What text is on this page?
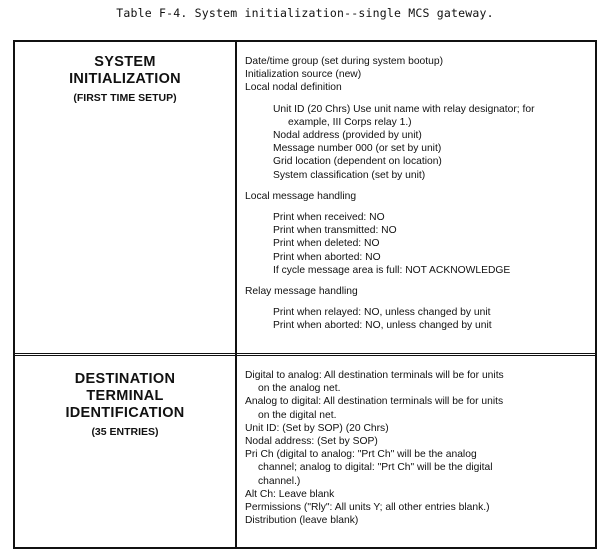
Table F-4. System initialization--single MCS gateway.
SYSTEM
INITIALIZATION
(FIRST TIME SETUP)
Date/time group (set during system bootup)
Initialization source (new)
Local nodal definition
Unit ID (20 Chrs) Use unit name with relay designator; for
example, III Corps relay 1.)
Nodal address (provided by unit)
Message number 000 (or set by unit)
Grid location (dependent on location)
System classification (set by unit)
Local message handling
Print when received: NO
Print when transmitted: NO
Print when deleted: NO
Print when aborted: NO
If cycle message area is full: NOT ACKNOWLEDGE
Relay message handling
Print when relayed: NO, unless changed by unit
Print when aborted: NO, unless changed by unit
DESTINATION
TERMINAL
IDENTIFICATION
(35 ENTRIES)
Digital to analog: All destination terminals will be for units
on the analog net.
Analog to digital: All destination terminals will be for units
on the digital net.
Unit ID: (Set by SOP) (20 Chrs)
Nodal address: (Set by SOP)
Pri Ch (digital to analog: "Prt Ch" will be the analog
channel; analog to digital: "Prt Ch" will be the digital
channel.)
Alt Ch: Leave blank
Permissions ("Rly": All units Y; all other entries blank.)
Distribution (leave blank)
